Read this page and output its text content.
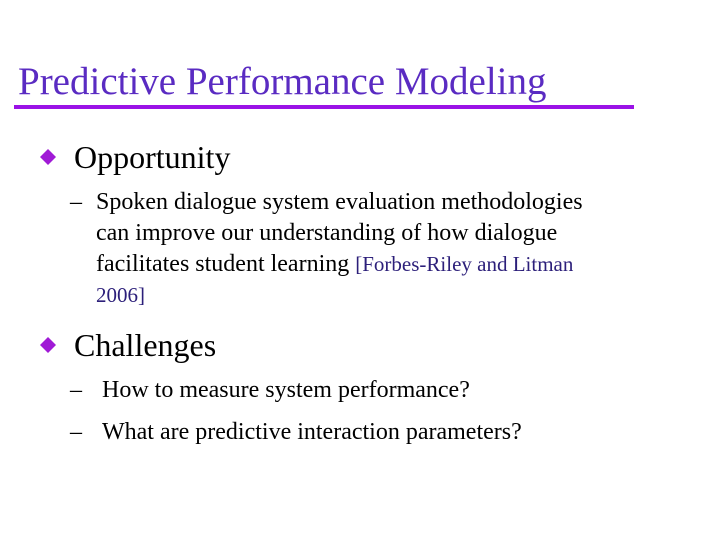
Predictive Performance Modeling
Opportunity
– Spoken dialogue system evaluation methodologies
can improve our understanding of how dialogue
facilitates student learning [Forbes-Riley and Litman
2006]
Challenges
– How to measure system performance?
– What are predictive interaction parameters?
